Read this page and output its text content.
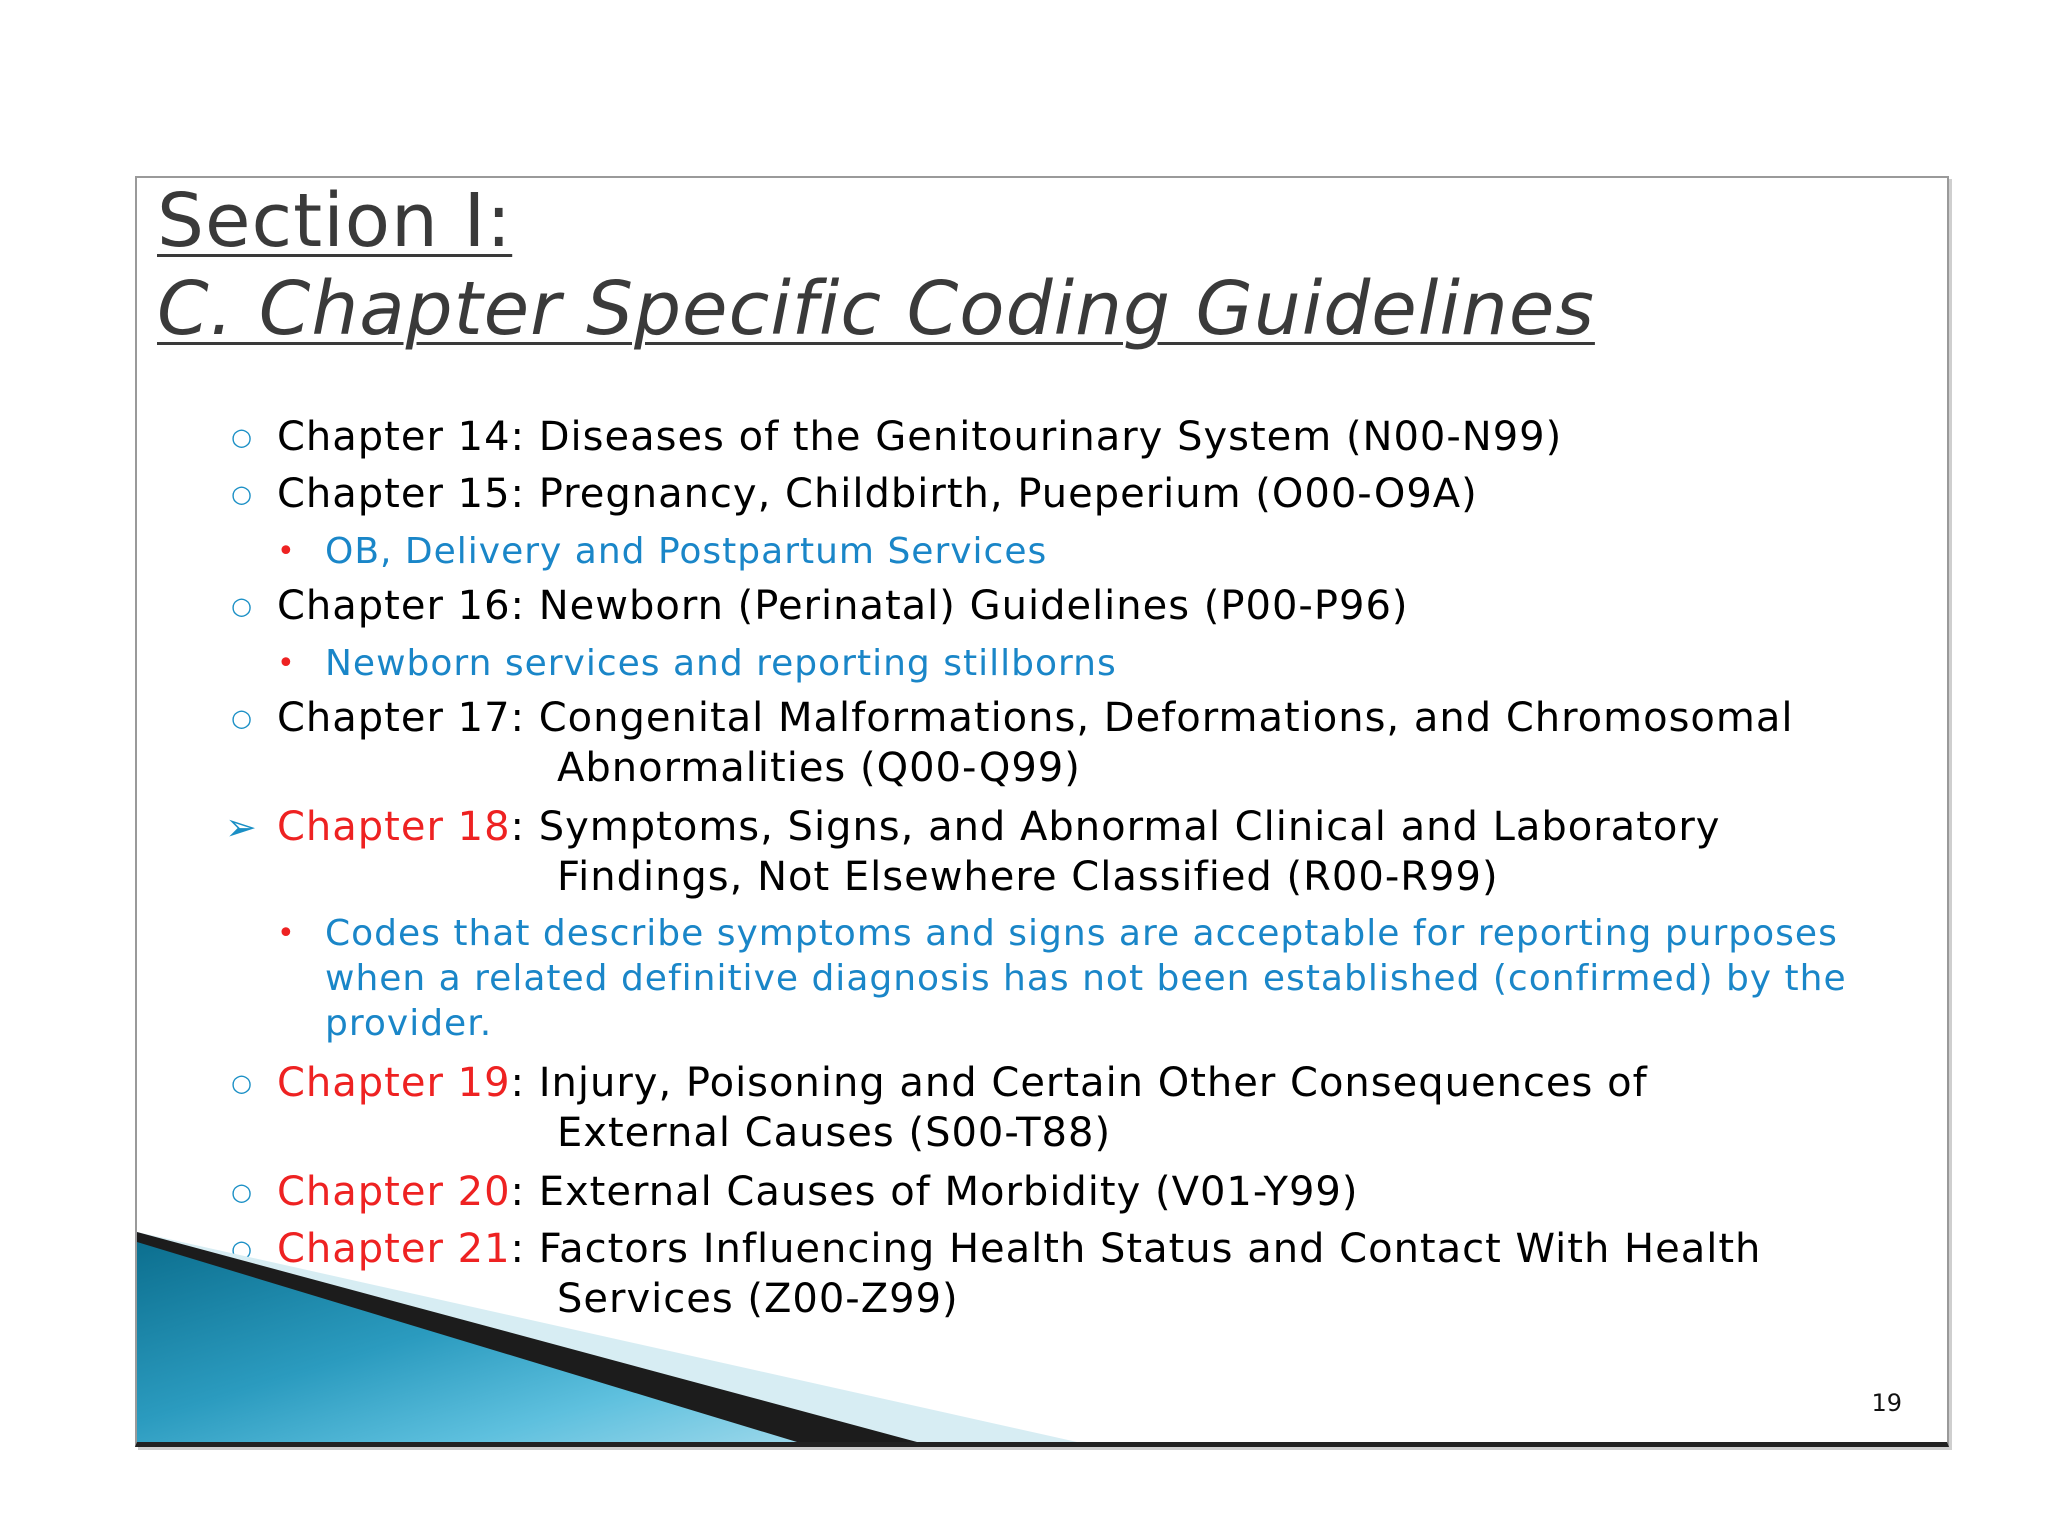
Section I:
C. Chapter Specific Coding Guidelines
○ Chapter 14: Diseases of the Genitourinary System (N00-N99)
○ Chapter 15: Pregnancy, Childbirth, Pueperium (O00-O9A)
• OB, Delivery and Postpartum Services
○ Chapter 16: Newborn (Perinatal) Guidelines (P00-P96)
• Newborn services and reporting stillborns
○ Chapter 17: Congenital Malformations, Deformations, and Chromosomal
Abnormalities (Q00-Q99)
➢ Chapter 18: Symptoms, Signs, and Abnormal Clinical and Laboratory
Findings, Not Elsewhere Classified (R00-R99)
• Codes that describe symptoms and signs are acceptable for reporting purposes
when a related definitive diagnosis has not been established (confirmed) by the
provider.
○ Chapter 19: Injury, Poisoning and Certain Other Consequences of
External Causes (S00-T88)
○ Chapter 20: External Causes of Morbidity (V01-Y99)
○ Chapter 21: Factors Influencing Health Status and Contact With Health
Services (Z00-Z99)
19
